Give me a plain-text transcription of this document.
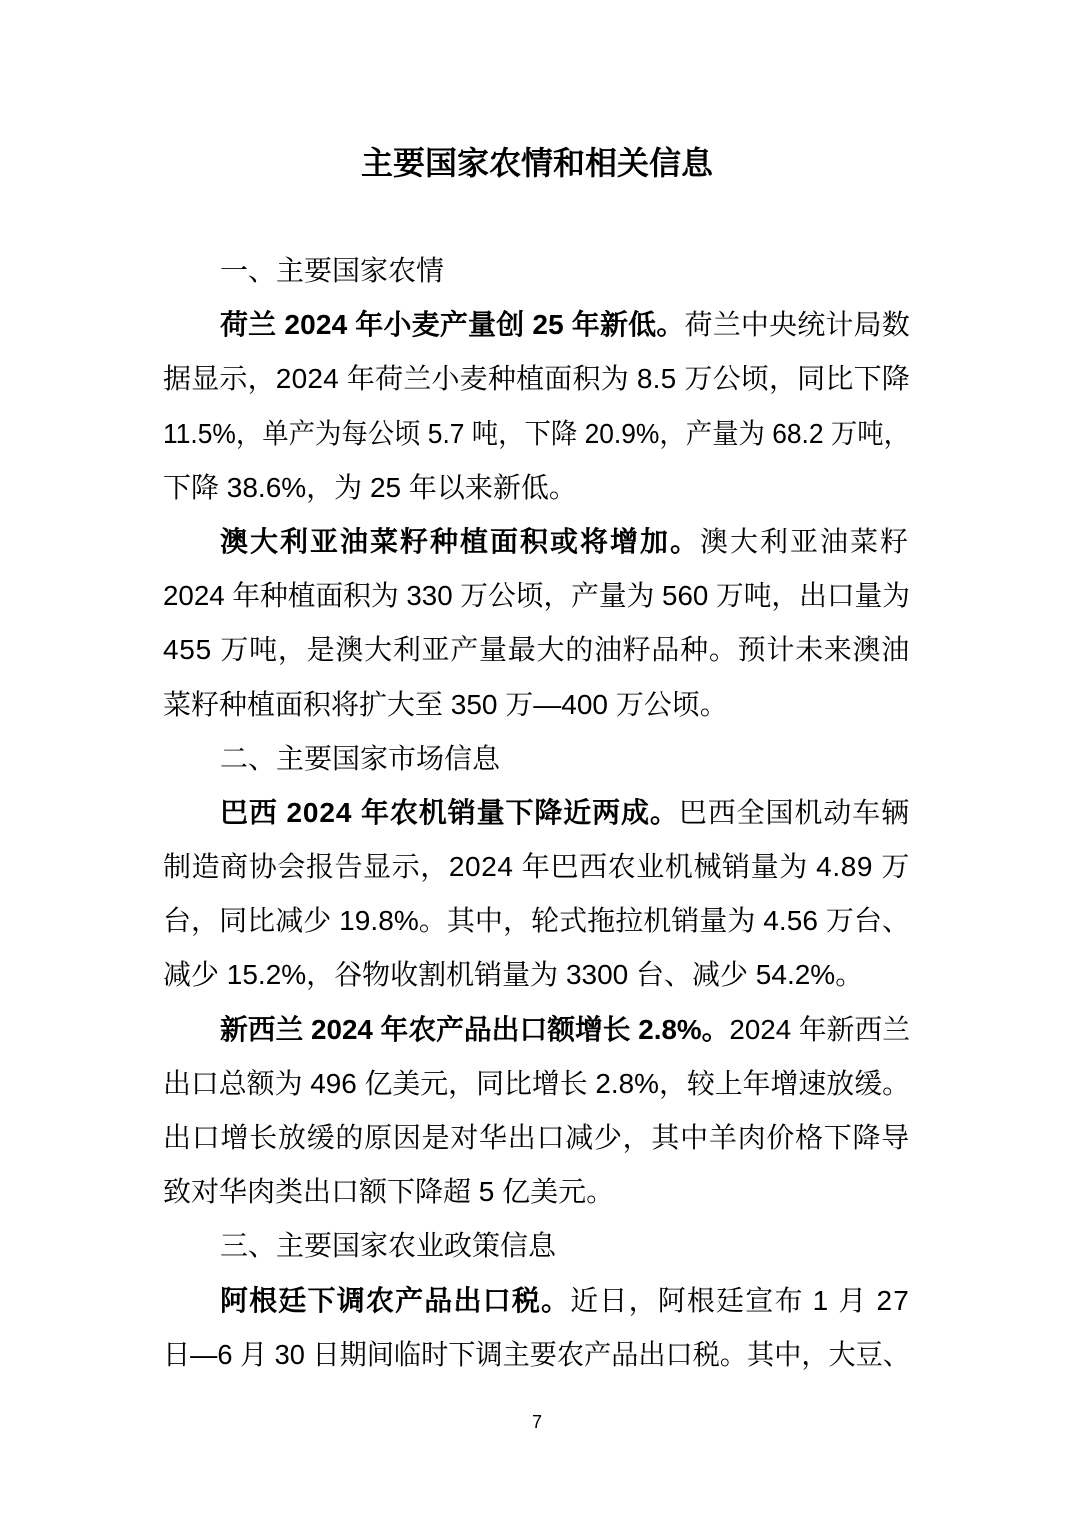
主要国家农情和相关信息
一、主要国家农情
荷兰 2024 年小麦产量创 25 年新低。荷兰中央统计局数
据显示，2024 年荷兰小麦种植面积为 8.5 万公顷，同比下降
11.5%，单产为每公顷 5.7 吨，下降 20.9%，产量为 68.2 万吨，
下降 38.6%，为 25 年以来新低。
澳大利亚油菜籽种植面积或将增加。澳大利亚油菜籽
2024 年种植面积为 330 万公顷，产量为 560 万吨，出口量为
455 万吨，是澳大利亚产量最大的油籽品种。预计未来澳油
菜籽种植面积将扩大至 350 万—400 万公顷。
二、主要国家市场信息
巴西 2024 年农机销量下降近两成。巴西全国机动车辆
制造商协会报告显示，2024 年巴西农业机械销量为 4.89 万
台，同比减少 19.8%。其中，轮式拖拉机销量为 4.56 万台、
减少 15.2%，谷物收割机销量为 3300 台、减少 54.2%。
新西兰 2024 年农产品出口额增长 2.8%。2024 年新西兰
出口总额为 496 亿美元，同比增长 2.8%，较上年增速放缓。
出口增长放缓的原因是对华出口减少，其中羊肉价格下降导
致对华肉类出口额下降超 5 亿美元。
三、主要国家农业政策信息
阿根廷下调农产品出口税。近日，阿根廷宣布 1 月 27
日—6 月 30 日期间临时下调主要农产品出口税。其中，大豆、
7
